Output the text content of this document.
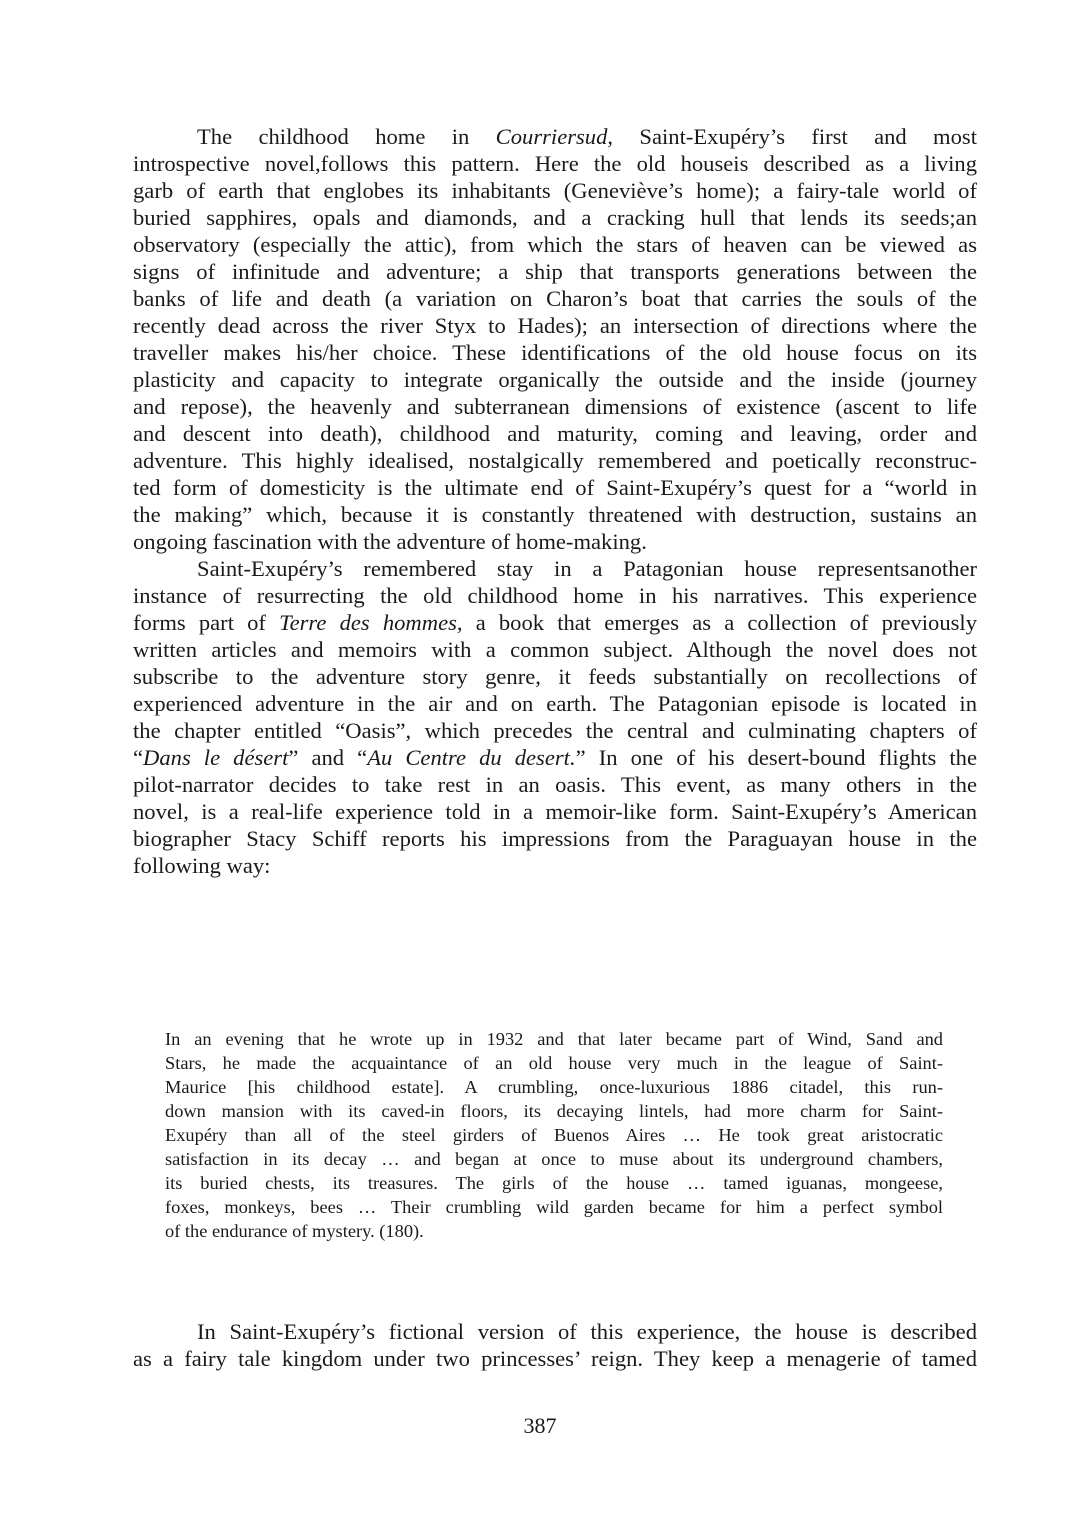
The childhood home in Courriersud, Saint-Exupéry’s first and most
introspective novel,follows this pattern. Here the old houseis described as a living
garb of earth that englobes its inhabitants (Geneviève’s home); a fairy-tale world of
buried sapphires, opals and diamonds, and a cracking hull that lends its seeds;an
observatory (especially the attic), from which the stars of heaven can be viewed as
signs of infinitude and adventure; a ship that transports generations between the
banks of life and death (a variation on Charon’s boat that carries the souls of the
recently dead across the river Styx to Hades); an intersection of directions where the
traveller makes his/her choice. These identifications of the old house focus on its
plasticity and capacity to integrate organically the outside and the inside (journey
and repose), the heavenly and subterranean dimensions of existence (ascent to life
and descent into death), childhood and maturity, coming and leaving, order and
adventure. This highly idealised, nostalgically remembered and poetically reconstruc-
ted form of domesticity is the ultimate end of Saint-Exupéry’s quest for a “world in
the making” which, because it is constantly threatened with destruction, sustains an
ongoing fascination with the adventure of home-making.
Saint-Exupéry’s remembered stay in a Patagonian house representsanother
instance of resurrecting the old childhood home in his narratives. This experience
forms part of Terre des hommes, a book that emerges as a collection of previously
written articles and memoirs with a common subject. Although the novel does not
subscribe to the adventure story genre, it feeds substantially on recollections of
experienced adventure in the air and on earth. The Patagonian episode is located in
the chapter entitled “Oasis”, which precedes the central and culminating chapters of
“Dans le désert” and “Au Centre du desert.” In one of his desert-bound flights the
pilot-narrator decides to take rest in an oasis. This event, as many others in the
novel, is a real-life experience told in a memoir-like form. Saint-Exupéry’s American
biographer Stacy Schiff reports his impressions from the Paraguayan house in the
following way:
In an evening that he wrote up in 1932 and that later became part of Wind, Sand and
Stars, he made the acquaintance of an old house very much in the league of Saint-
Maurice [his childhood estate]. A crumbling, once-luxurious 1886 citadel, this run-
down mansion with its caved-in floors, its decaying lintels, had more charm for Saint-
Exupéry than all of the steel girders of Buenos Aires … He took great aristocratic
satisfaction in its decay … and began at once to muse about its underground chambers,
its buried chests, its treasures. The girls of the house … tamed iguanas, mongeese,
foxes, monkeys, bees … Their crumbling wild garden became for him a perfect symbol
of the endurance of mystery. (180).
In Saint-Exupéry’s fictional version of this experience, the house is described
as a fairy tale kingdom under two princesses’ reign. They keep a menagerie of tamed
387
